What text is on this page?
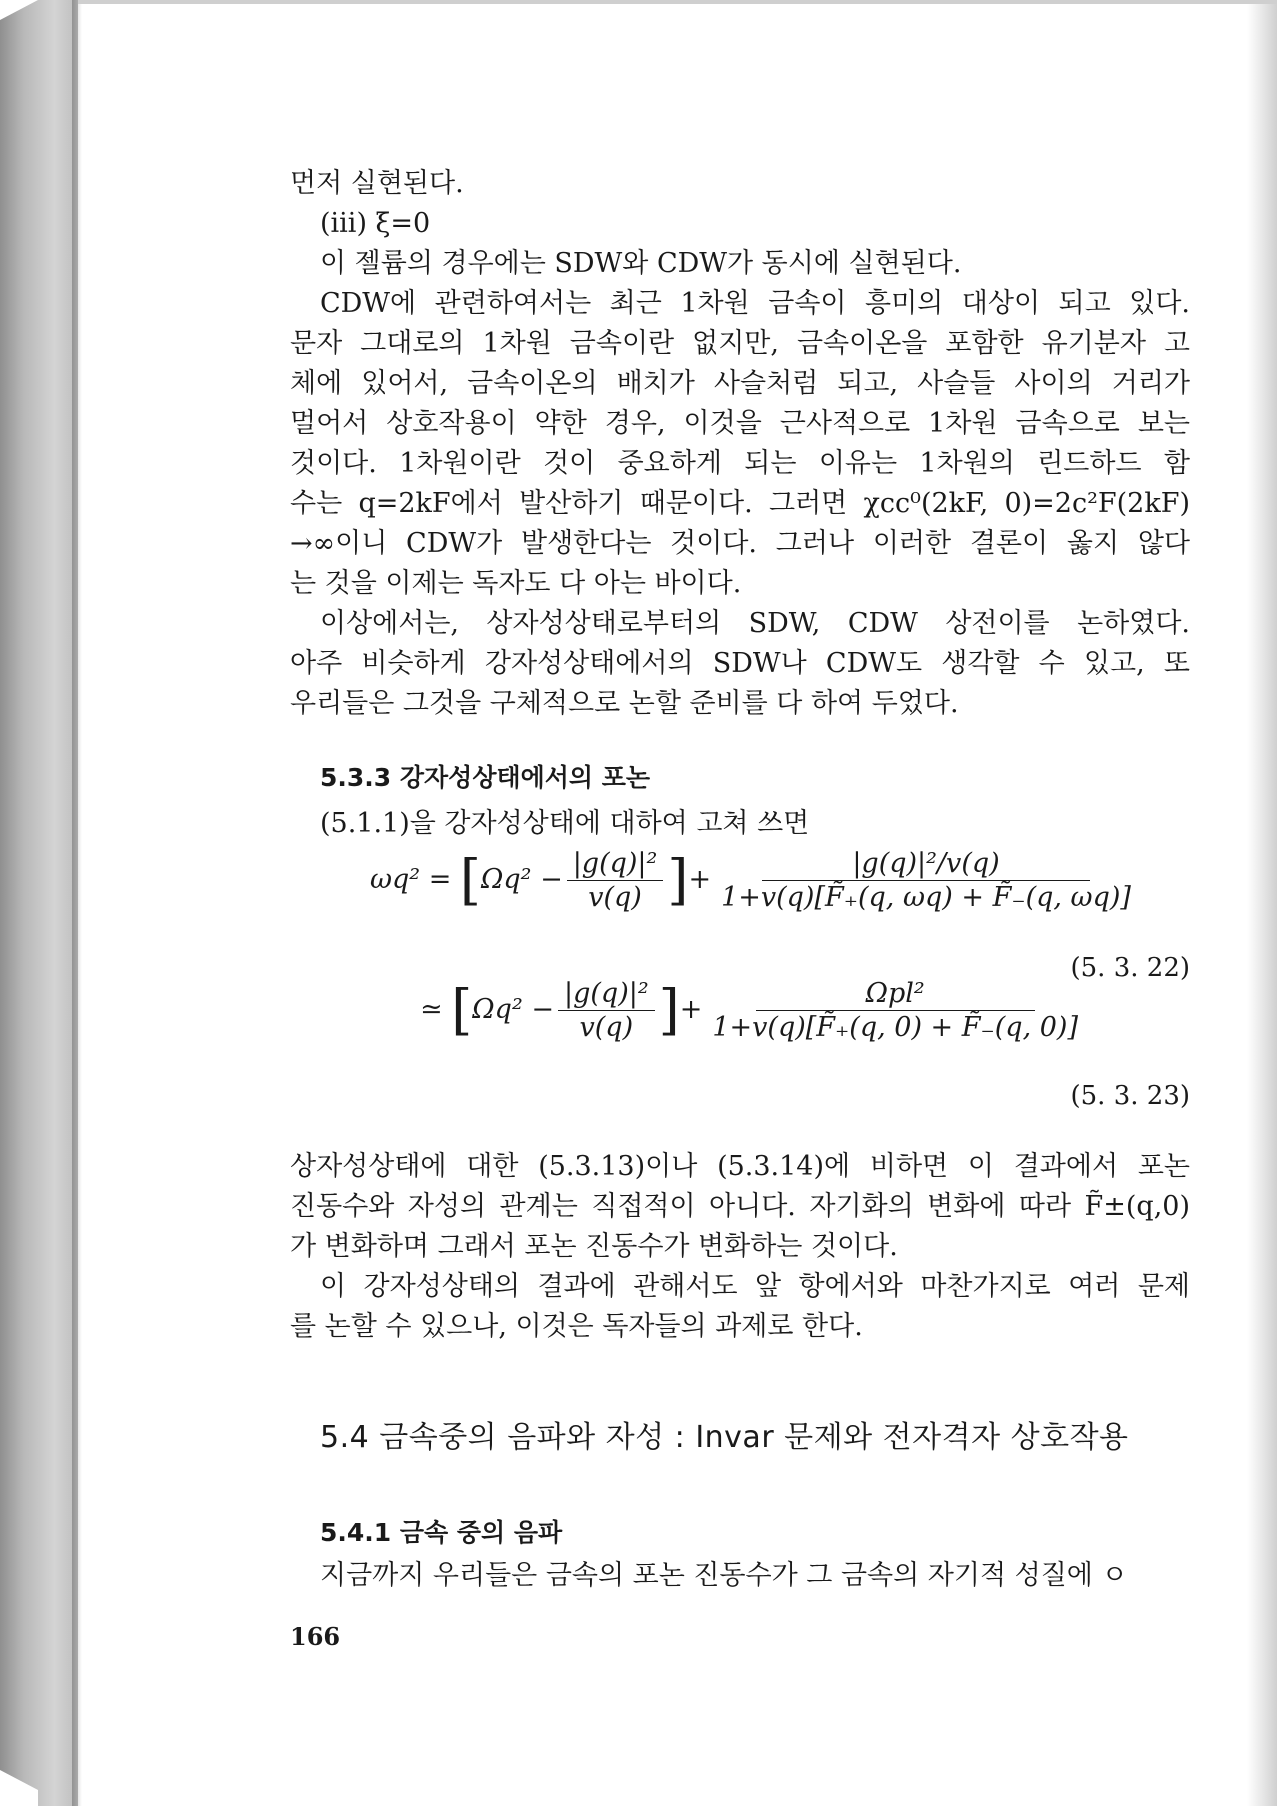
먼저 실현된다.
(iii) ξ=0
이 젤륨의 경우에는 SDW와 CDW가 동시에 실현된다.
CDW에 관련하여서는 최근 1차원 금속이 흥미의 대상이 되고 있다.
문자 그대로의 1차원 금속이란 없지만, 금속이온을 포함한 유기분자 고
체에 있어서, 금속이온의 배치가 사슬처럼 되고, 사슬들 사이의 거리가
멀어서 상호작용이 약한 경우, 이것을 근사적으로 1차원 금속으로 보는
것이다. 1차원이란 것이 중요하게 되는 이유는 1차원의 린드하드 함
수는 q=2kF에서 발산하기 때문이다. 그러면 χcc⁰(2kF, 0)=2c²F(2kF)
→∞이니 CDW가 발생한다는 것이다. 그러나 이러한 결론이 옳지 않다
는 것을 이제는 독자도 다 아는 바이다.
이상에서는, 상자성상태로부터의 SDW, CDW 상전이를 논하였다.
아주 비슷하게 강자성상태에서의 SDW나 CDW도 생각할 수 있고, 또
우리들은 그것을 구체적으로 논할 준비를 다 하여 두었다.
5.3.3 강자성상태에서의 포논
(5.1.1)을 강자성상태에 대하여 고쳐 쓰면
$\omega q^2 = [\Omega q^2 - \frac{\text{|g(q)|²}}{v(q)}$ ]+ $\frac{\text{|g(q)|²/v(q)}}{1+v(q)[F̃_+(q, \omega q) + F̃_-(q, \omega q)]}$
(5. 3. 22)
≃ [$\Omega q^2 - \frac{\text{|g(q)|²}}{v(q)}$ ]+ $\frac{\text{Ωpl²}}{1+v(q)[F̃_+(q, 0) + F̃_-(q, 0)]}$
(5. 3. 23)
상자성상태에 대한 (5.3.13)이나 (5.3.14)에 비하면 이 결과에서 포논
진동수와 자성의 관계는 직접적이 아니다. 자기화의 변화에 따라 F̃±(q,0)
가 변화하며 그래서 포논 진동수가 변화하는 것이다.
이 강자성상태의 결과에 관해서도 앞 항에서와 마찬가지로 여러 문제
를 논할 수 있으나, 이것은 독자들의 과제로 한다.
5.4 금속중의 음파와 자성 : Invar 문제와 전자격자 상호작용
5.4.1 금속 중의 음파
지금까지 우리들은 금속의 포논 진동수가 그 금속의 자기적 성질에 ㅇ
166
